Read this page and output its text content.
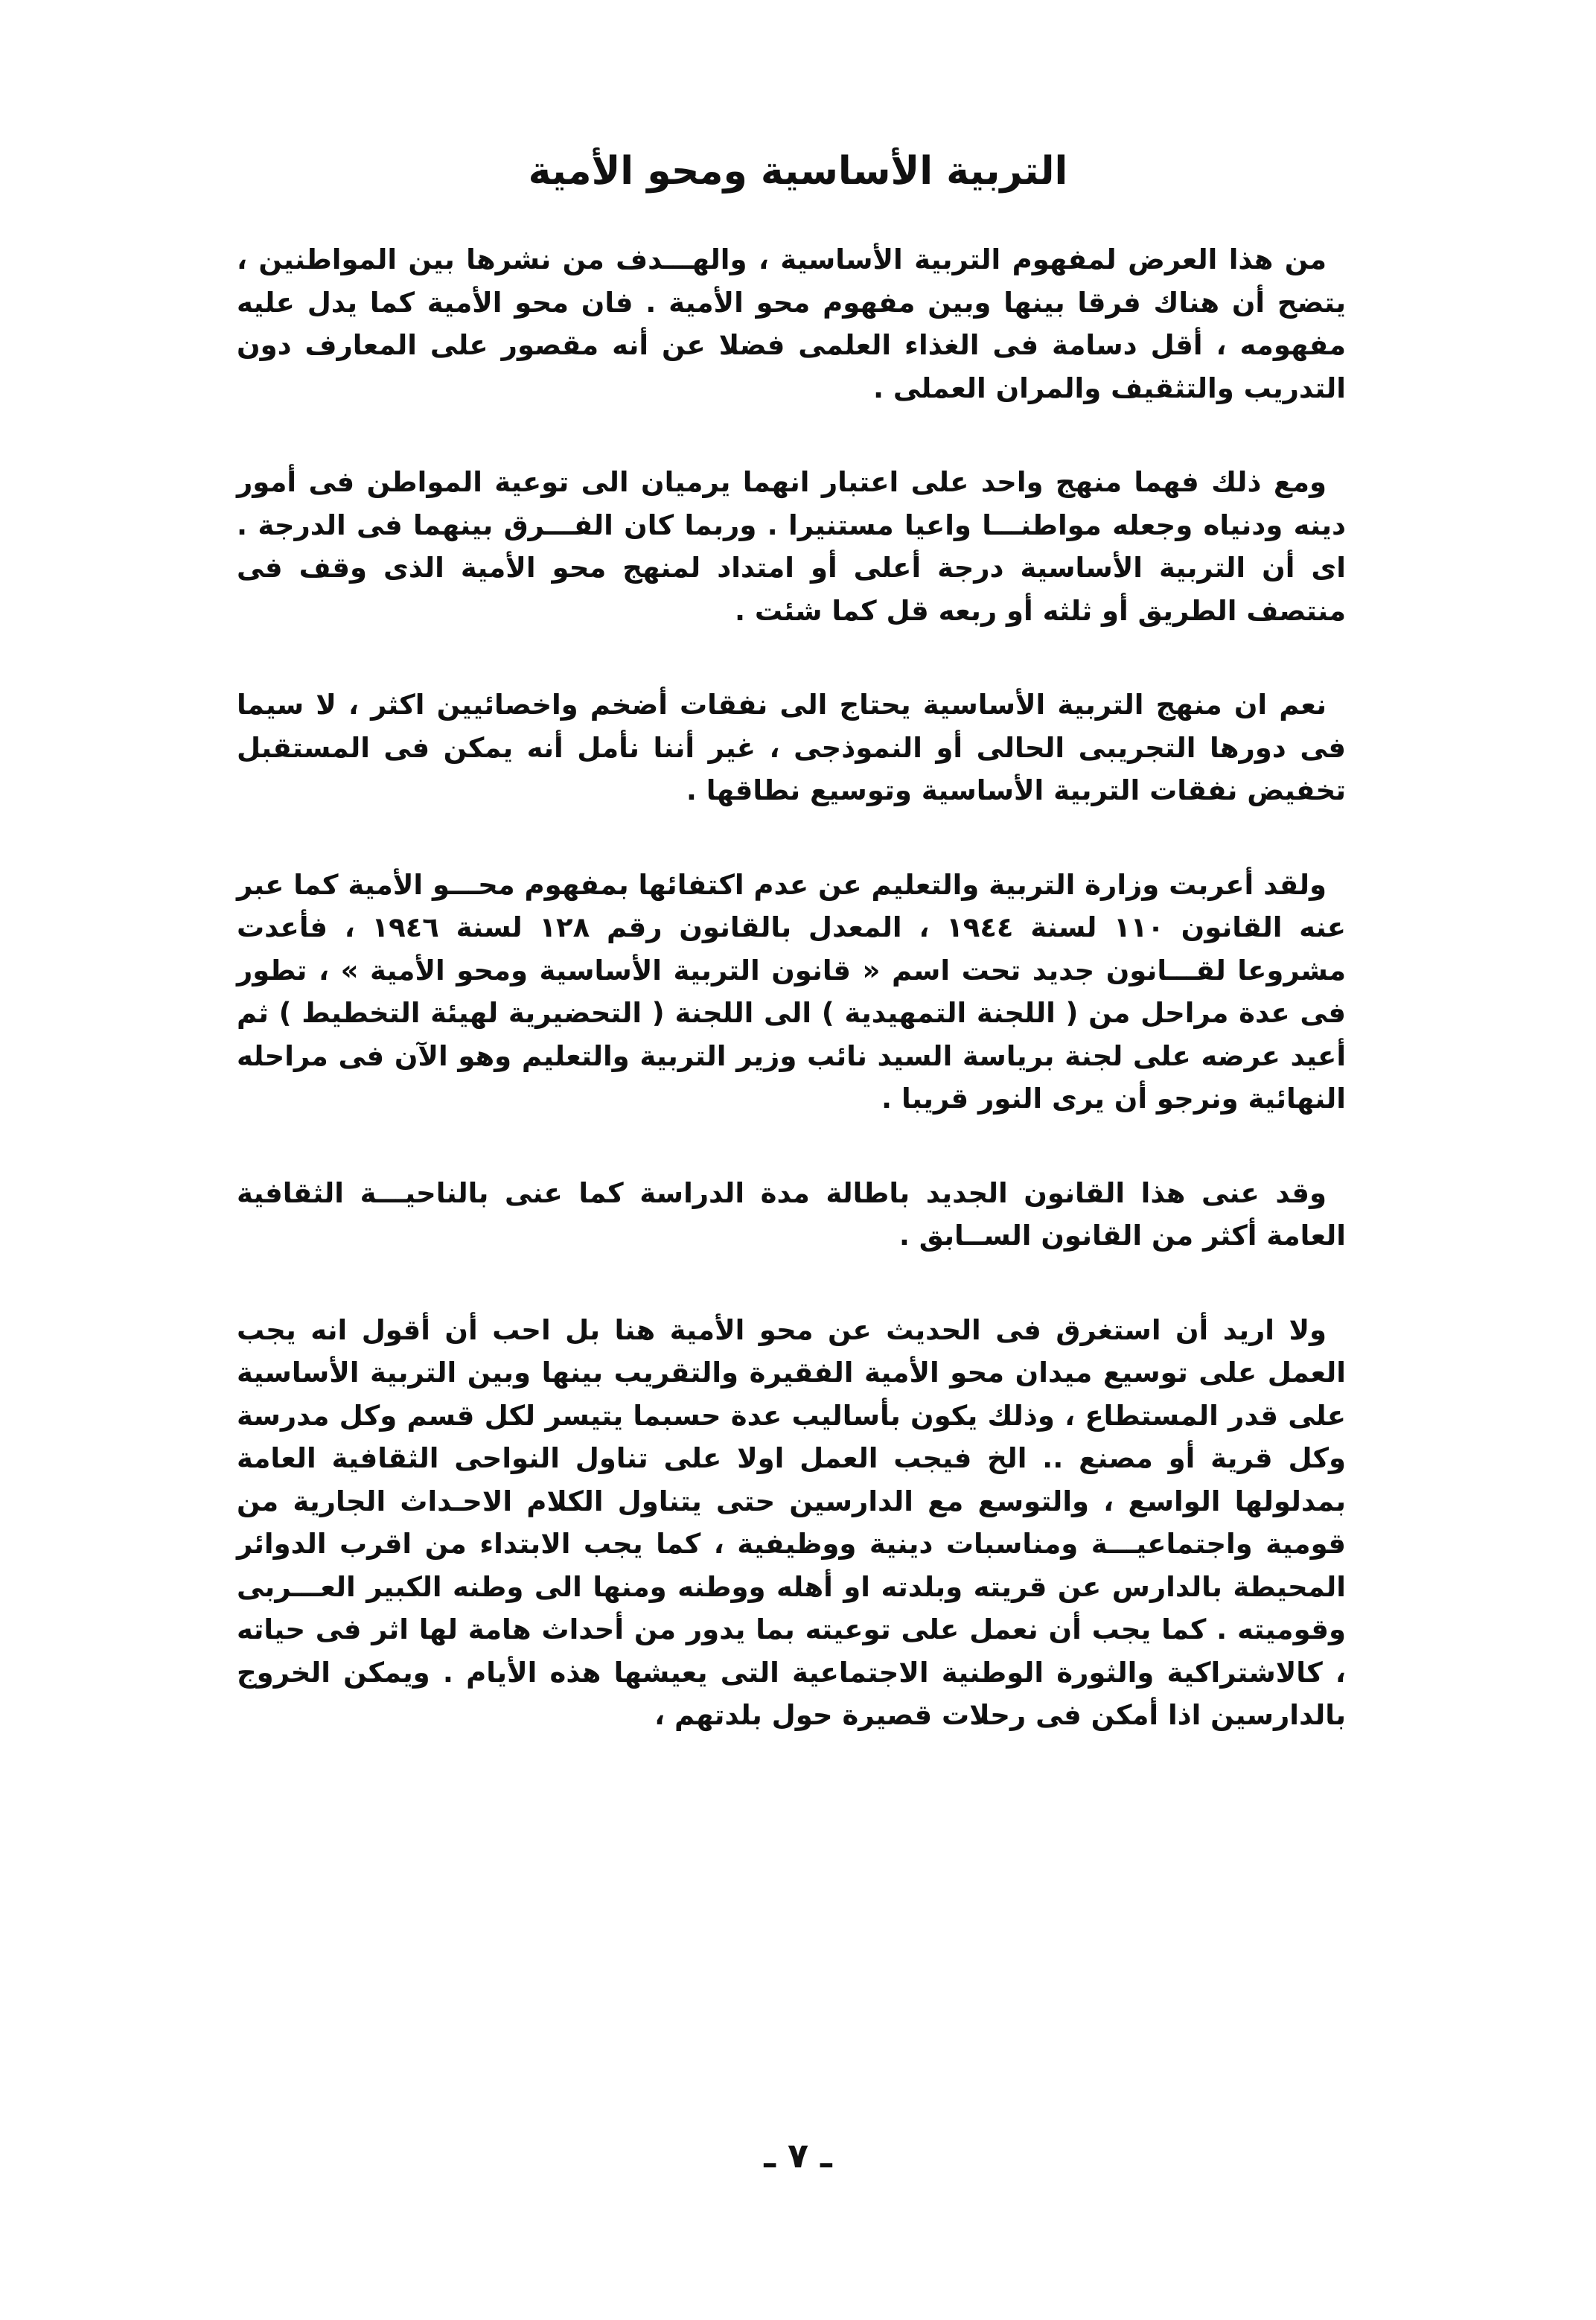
التربية الأساسية ومحو الأمية

من هذا العرض لمفهوم التربية الأساسية ، والهـــدف من نشرها بين المواطنين ، يتضح أن هناك فرقا بينها وبين مفهوم محو الأمية . فان محو الأمية كما يدل عليه مفهومه ، أقل دسامة فى الغذاء العلمى فضلا عن أنه مقصور على المعارف دون التدريب والتثقيف والمران العملى .

ومع ذلك فهما منهج واحد على اعتبار انهما يرميان الى توعية المواطن فى أمور دينه ودنياه وجعله مواطنـــا واعيا مستنيرا . وربما كان الفـــرق بينهما فى الدرجة . اى أن التربية الأساسية درجة أعلى أو امتداد لمنهج محو الأمية الذى وقف فى منتصف الطريق أو ثلثه أو ربعه قل كما شئت .

نعم ان منهج التربية الأساسية يحتاج الى نفقات أضخم واخصائيين اكثر ، لا سيما فى دورها التجريبى الحالى أو النموذجى ، غير أننا نأمل أنه يمكن فى المستقبل تخفيض نفقات التربية الأساسية وتوسيع نطاقها .

ولقد أعربت وزارة التربية والتعليم عن عدم اكتفائها بمفهوم محـــو الأمية كما عبر عنه القانون ١١٠ لسنة ١٩٤٤ ، المعدل بالقانون رقم ١٢٨ لسنة ١٩٤٦ ، فأعدت مشروعا لقـــانون جديد تحت اسم « قانون التربية الأساسية ومحو الأمية » ، تطور فى عدة مراحل من ( اللجنة التمهيدية ) الى اللجنة ( التحضيرية لهيئة التخطيط ) ثم أعيد عرضه على لجنة برياسة السيد نائب وزير التربية والتعليم وهو الآن فى مراحله النهائية ونرجو أن يرى النور قريبا .

وقد عنى هذا القانون الجديد باطالة مدة الدراسة كما عنى بالناحيـــة الثقافية العامة أكثر من القانون الســابق .

ولا اريد أن استغرق فى الحديث عن محو الأمية هنا بل احب أن أقول انه يجب العمل على توسيع ميدان محو الأمية الفقيرة والتقريب بينها وبين التربية الأساسية على قدر المستطاع ، وذلك يكون بأساليب عدة حسبما يتيسر لكل قسم وكل مدرسة وكل قرية أو مصنع .. الخ فيجب العمل اولا على تناول النواحى الثقافية العامة بمدلولها الواسع ، والتوسع مع الدارسين حتى يتناول الكلام الاحـداث الجارية من قومية واجتماعيـــة ومناسبات دينية ووظيفية ، كما يجب الابتداء من اقرب الدوائر المحيطة بالدارس عن قريته وبلدته او أهله ووطنه ومنها الى وطنه الكبير العـــربى وقوميته . كما يجب أن نعمل على توعيته بما يدور من أحداث هامة لها اثر فى حياته ، كالاشتراكية والثورة الوطنية الاجتماعية التى يعيشها هذه الأيام . ويمكن الخروج بالدارسين اذا أمكن فى رحلات قصيرة حول بلدتهم ،

ـ ٧ ـ
